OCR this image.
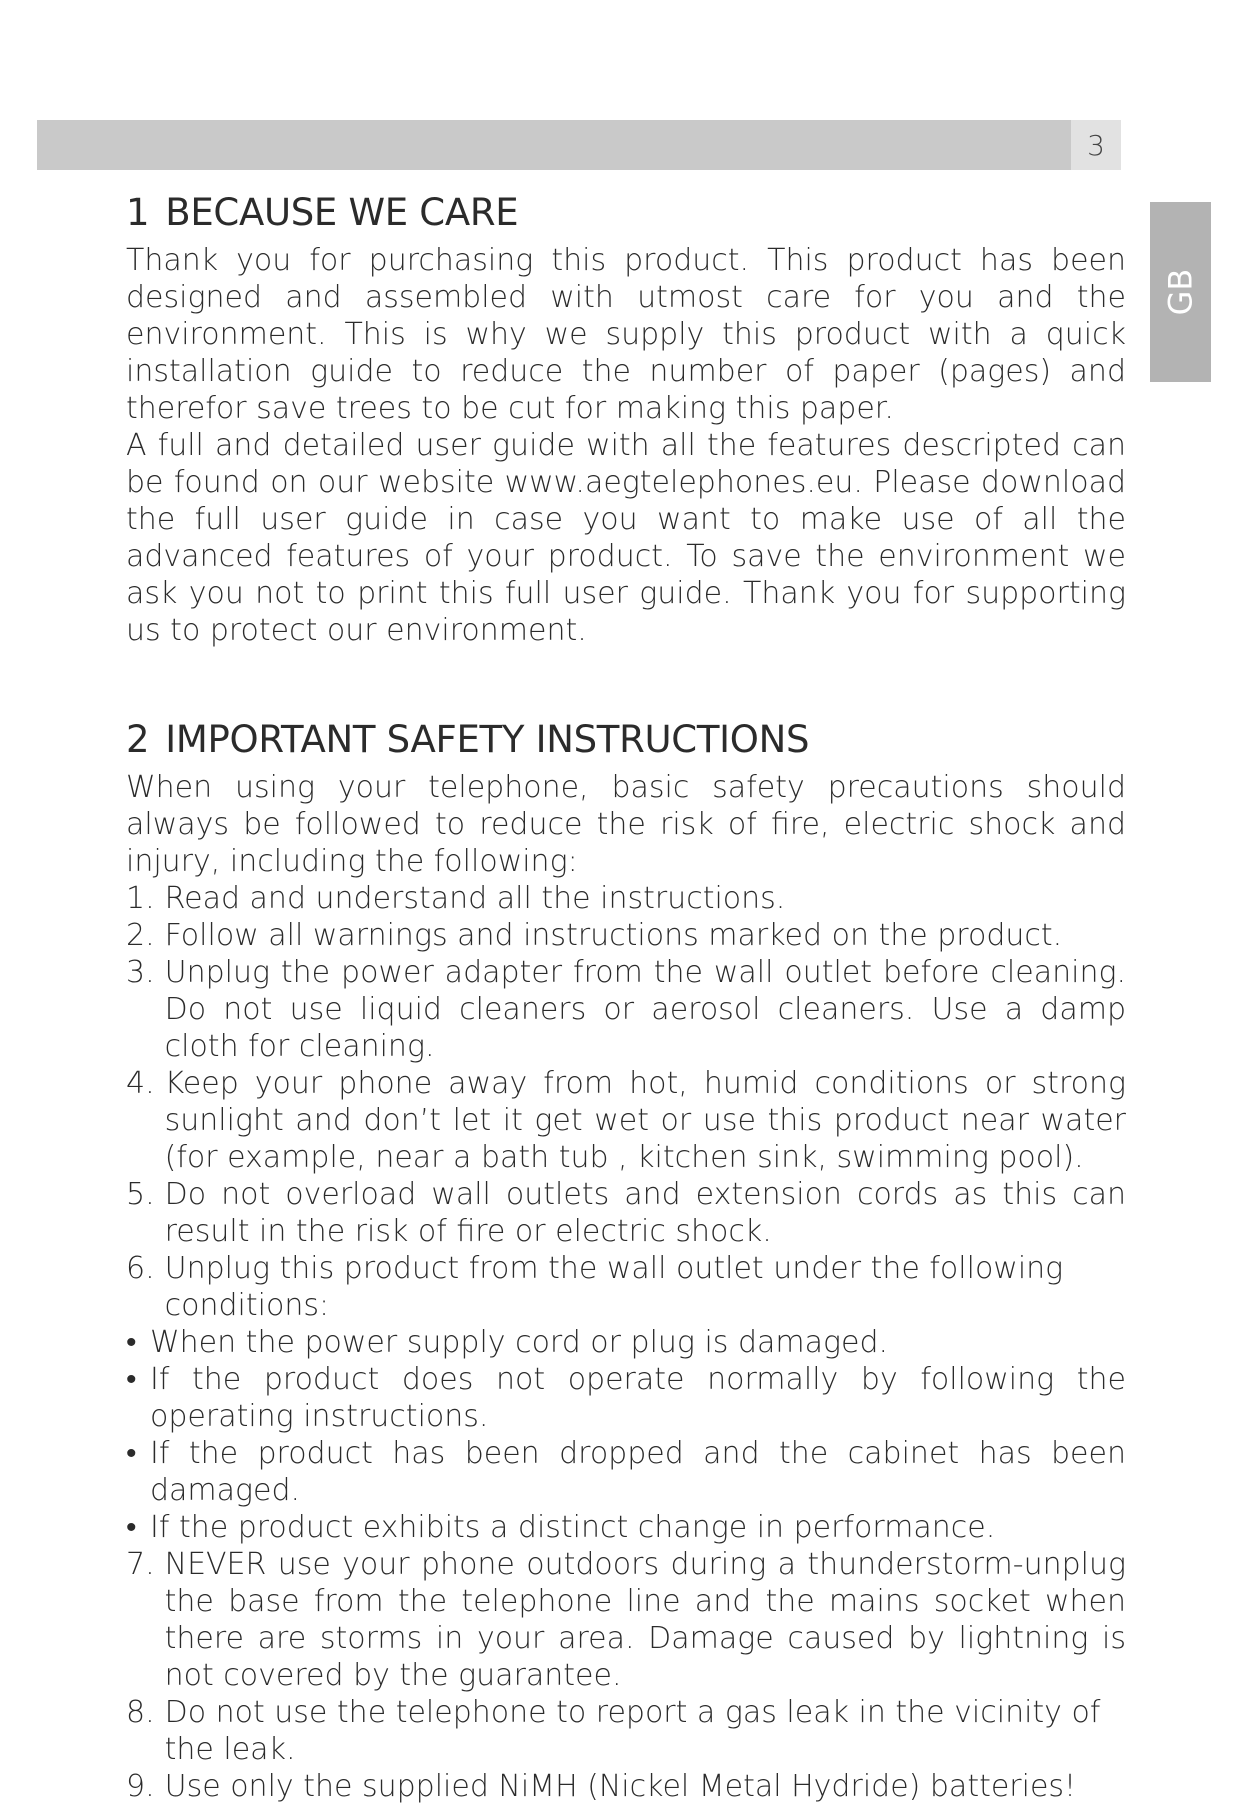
3
GB
1 BECAUSE WE CARE

Thank you for purchasing this product. This product has been designed and assembled with utmost care for you and the environment. This is why we supply this product with a quick installation guide to reduce the number of paper (pages) and therefor save trees to be cut for making this paper.

A full and detailed user guide with all the features descripted can be found on our website www.aegtelephones.eu. Please download the full user guide in case you want to make use of all the advanced features of your product. To save the environment we ask you not to print this full user guide. Thank you for supporting us to protect our environment.

2 IMPORTANT SAFETY INSTRUCTIONS

When using your telephone, basic safety precautions should always be followed to reduce the risk of fire, electric shock and injury, including the following:

1. Read and understand all the instructions.
2. Follow all warnings and instructions marked on the product.
3. Unplug the power adapter from the wall outlet before cleaning. Do not use liquid cleaners or aerosol cleaners. Use a damp cloth for cleaning.
4. Keep your phone away from hot, humid conditions or strong sunlight and don’t let it get wet or use this product near water (for example, near a bath tub , kitchen sink, swimming pool).
5. Do not overload wall outlets and extension cords as this can result in the risk of fire or electric shock.
6. Unplug this product from the wall outlet under the following conditions:
• When the power supply cord or plug is damaged.
• If the product does not operate normally by following the operating instructions.
• If the product has been dropped and the cabinet has been damaged.
• If the product exhibits a distinct change in performance.
7. NEVER use your phone outdoors during a thunderstorm-unplug the base from the telephone line and the mains socket when there are storms in your area. Damage caused by lightning is not covered by the guarantee.
8. Do not use the telephone to report a gas leak in the vicinity of the leak.
9. Use only the supplied NiMH (Nickel Metal Hydride) batteries!
